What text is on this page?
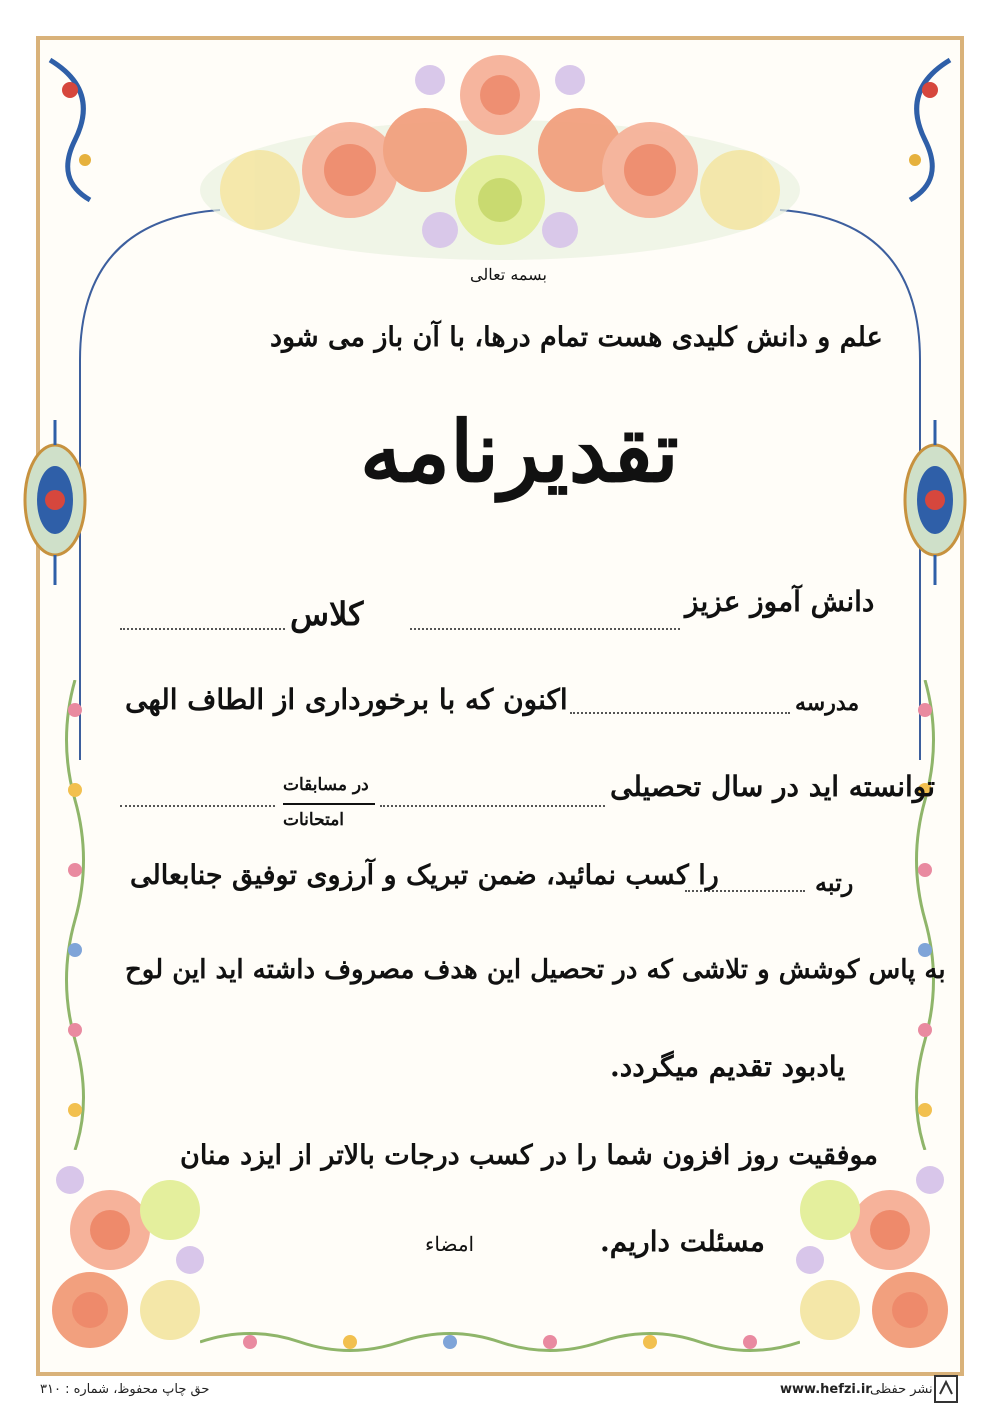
بسمه تعالی
علم و دانش کلیدی هست تمام درها، با آن باز می شود
تقدیرنامه
دانش آموز عزیز
کلاس
مدرسه
اکنون که با برخورداری از الطاف الهی
توانسته اید در سال تحصیلی
در مسابقات
امتحانات
رتبه
را کسب نمائید، ضمن تبریک و آرزوی توفیق جنابعالی
به پاس کوشش و تلاشی که در تحصیل این هدف مصروف داشته اید این لوح
یادبود تقدیم میگردد.
موفقیت روز افزون شما را در کسب درجات بالاتر از ایزد منان
مسئلت داریم.
امضاء
حق چاپ محفوظ، شماره : ۳۱۰	www.hefzi.ir
نشر حفظی
